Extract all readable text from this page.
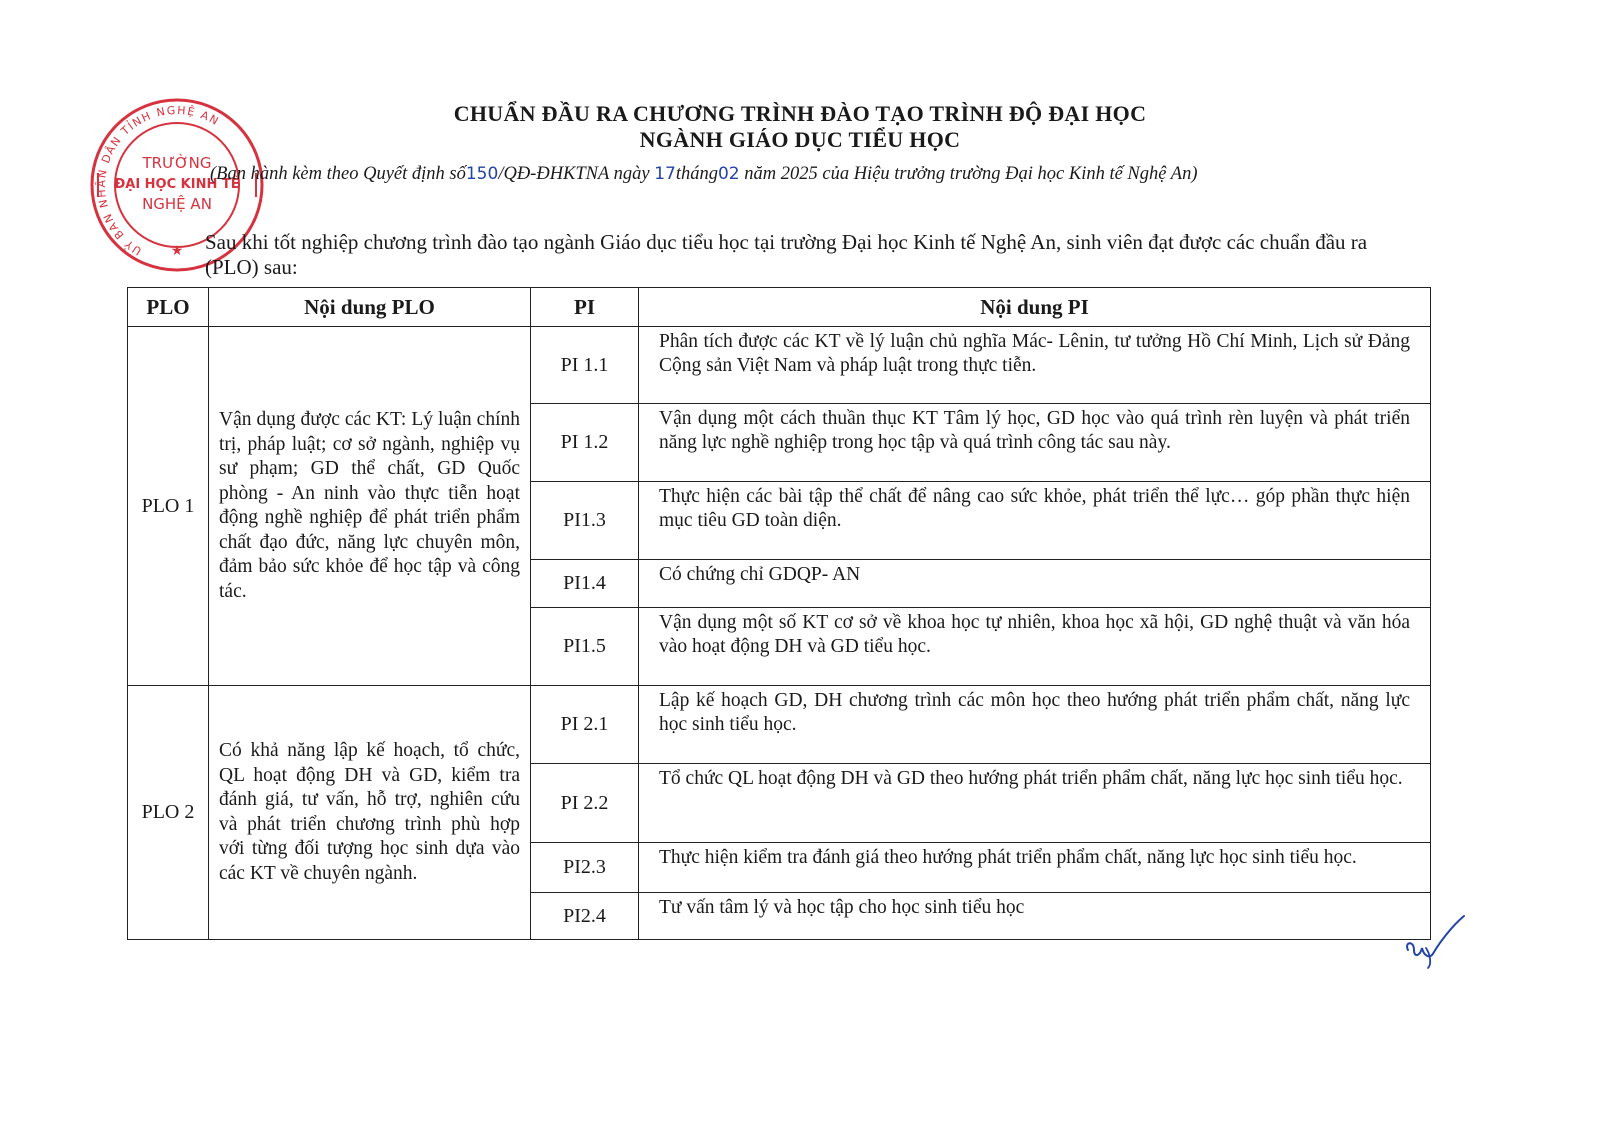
UỶ BAN NHÂN DÂN TỈNH NGHỆ AN
TRƯỜNG
ĐẠI HỌC KINH TẾ
NGHỆ AN
★
CHUẨN ĐẦU RA CHƯƠNG TRÌNH ĐÀO TẠO TRÌNH ĐỘ ĐẠI HỌC
NGÀNH GIÁO DỤC TIỂU HỌC
(Ban hành kèm theo Quyết định số150/QĐ-ĐHKTNA ngày 17tháng02 năm 2025 của Hiệu trưởng trường Đại học Kinh tế Nghệ An)
Sau khi tốt nghiệp chương trình đào tạo ngành Giáo dục tiểu học tại trường Đại học Kinh tế Nghệ An, sinh viên đạt được các chuẩn đầu ra (PLO) sau:
PLO	Nội dung PLO	PI	Nội dung PI
PLO 1	Vận dụng được các KT: Lý luận chính trị, pháp luật; cơ sở ngành, nghiệp vụ sư phạm; GD thể chất, GD Quốc phòng - An ninh vào thực tiễn hoạt động nghề nghiệp để phát triển phẩm chất đạo đức, năng lực chuyên môn, đảm bảo sức khỏe để học tập và công tác.	PI 1.1	Phân tích được các KT về lý luận chủ nghĩa Mác- Lênin, tư tưởng Hồ Chí Minh, Lịch sử Đảng Cộng sản Việt Nam và pháp luật trong thực tiễn.
		PI 1.2	Vận dụng một cách thuần thục KT Tâm lý học, GD học vào quá trình rèn luyện và phát triển năng lực nghề nghiệp trong học tập và quá trình công tác sau này.
		PI1.3	Thực hiện các bài tập thể chất để nâng cao sức khỏe, phát triển thể lực… góp phần thực hiện mục tiêu GD toàn diện.
		PI1.4	Có chứng chỉ GDQP- AN
		PI1.5	Vận dụng một số KT cơ sở về khoa học tự nhiên, khoa học xã hội, GD nghệ thuật và văn hóa vào hoạt động DH và GD tiểu học.
PLO 2	Có khả năng lập kế hoạch, tổ chức, QL hoạt động DH và GD, kiểm tra đánh giá, tư vấn, hỗ trợ, nghiên cứu và phát triển chương trình phù hợp với từng đối tượng học sinh dựa vào các KT về chuyên ngành.	PI 2.1	Lập kế hoạch GD, DH chương trình các môn học theo hướng phát triển phẩm chất, năng lực học sinh tiểu học.
		PI 2.2	Tổ chức QL hoạt động DH và GD theo hướng phát triển phẩm chất, năng lực học sinh tiểu học.
		PI2.3	Thực hiện kiểm tra đánh giá theo hướng phát triển phẩm chất, năng lực học sinh tiểu học.
		PI2.4	Tư vấn tâm lý và học tập cho học sinh tiểu học
